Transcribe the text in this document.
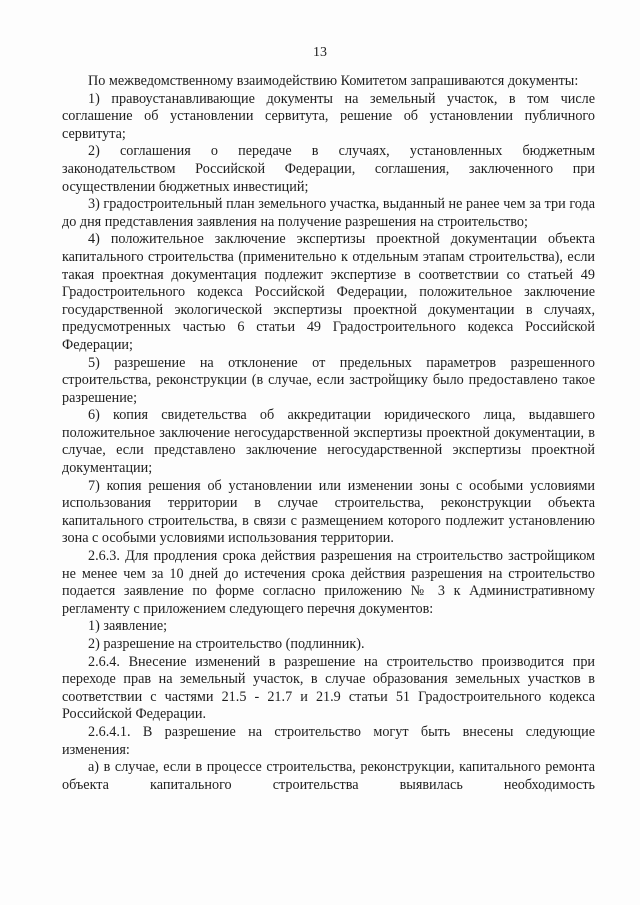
13

По межведомственному взаимодействию Комитетом запрашиваются документы:

1) правоустанавливающие документы на земельный участок, в том числе соглашение об установлении сервитута, решение об установлении публичного сервитута;

2) соглашения о передаче в случаях, установленных бюджетным законодательством Российской Федерации, соглашения, заключенного при осуществлении бюджетных инвестиций;

3) градостроительный план земельного участка, выданный не ранее чем за три года до дня представления заявления на получение разрешения на строительство;

4) положительное заключение экспертизы проектной документации объекта капитального строительства (применительно к отдельным этапам строительства), если такая проектная документация подлежит экспертизе в соответствии со статьей 49 Градостроительного кодекса Российской Федерации, положительное заключение государственной экологической экспертизы проектной документации в случаях, предусмотренных частью 6 статьи 49 Градостроительного кодекса Российской Федерации;

5) разрешение на отклонение от предельных параметров разрешенного строительства, реконструкции (в случае, если застройщику было предоставлено такое разрешение;

6) копия свидетельства об аккредитации юридического лица, выдавшего положительное заключение негосударственной экспертизы проектной документации, в случае, если представлено заключение негосударственной экспертизы проектной документации;

7) копия решения об установлении или изменении зоны с особыми условиями использования территории в случае строительства, реконструкции объекта капитального строительства, в связи с размещением которого подлежит установлению зона с особыми условиями использования территории.

2.6.3. Для продления срока действия разрешения на строительство застройщиком не менее чем за 10 дней до истечения срока действия разрешения на строительство подается заявление по форме согласно приложению № 3 к Административному регламенту с приложением следующего перечня документов:

1) заявление;

2) разрешение на строительство (подлинник).

2.6.4. Внесение изменений в разрешение на строительство производится при переходе прав на земельный участок, в случае образования земельных участков в соответствии с частями 21.5 - 21.7 и 21.9 статьи 51 Градостроительного кодекса Российской Федерации.

2.6.4.1. В разрешение на строительство могут быть внесены следующие изменения:

а) в случае, если в процессе строительства, реконструкции, капитального ремонта объекта капитального строительства выявилась необходимость
